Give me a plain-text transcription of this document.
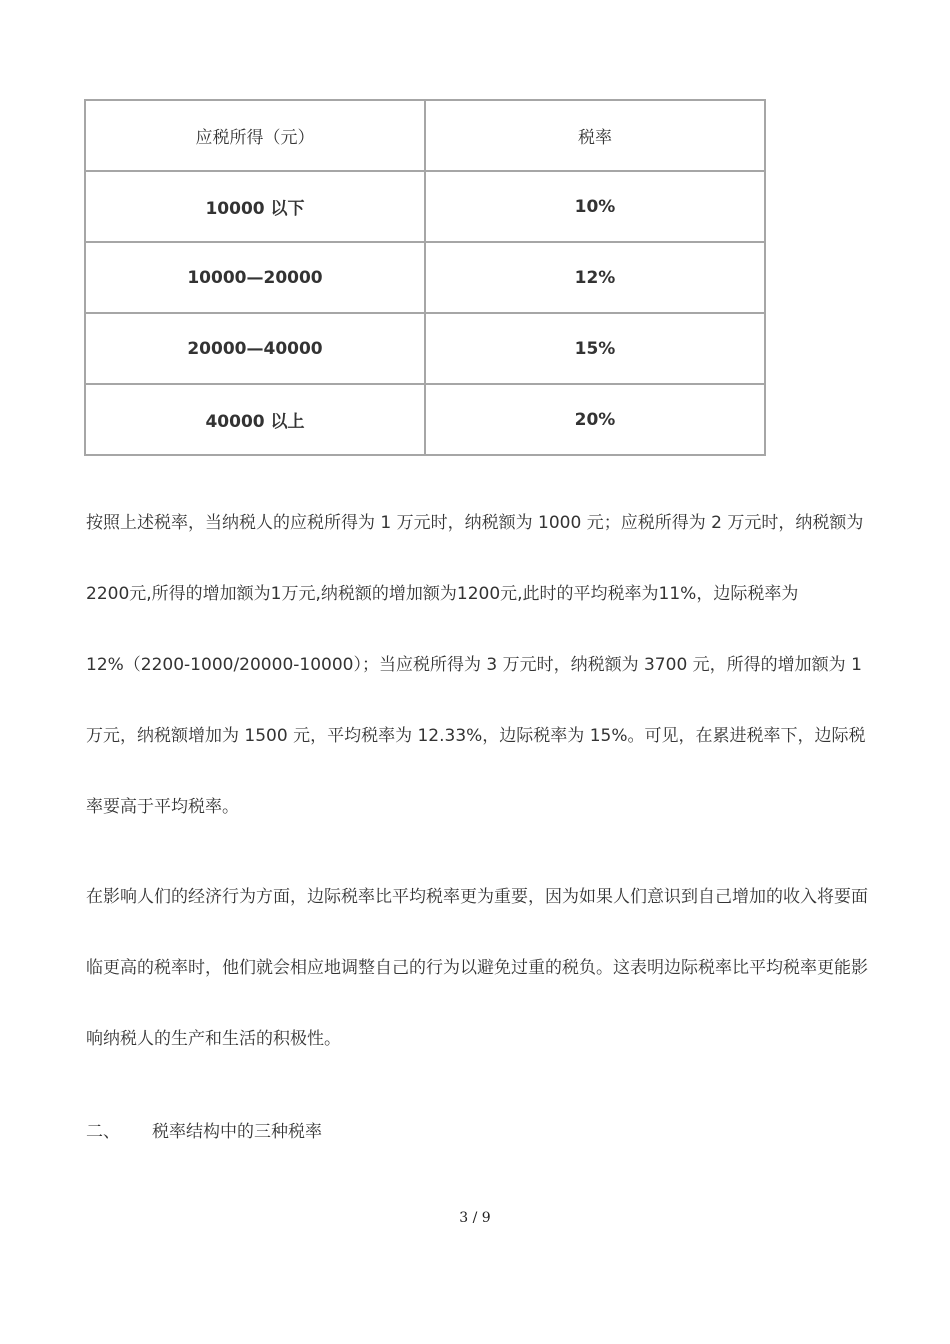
应税所得（元）	税率
10000 以下	10%
10000—20000	12%
20000—40000	15%
40000 以上	20%

按照上述税率，当纳税人的应税所得为 1 万元时，纳税额为 1000 元；应税所得为 2 万元时，纳税额为2200元,所得的增加额为1万元,纳税额的增加额为1200元,此时的平均税率为11%，边际税率为 12%（2200-1000/20000-10000）；当应税所得为 3 万元时，纳税额为 3700 元，所得的增加额为 1 万元，纳税额增加为 1500 元，平均税率为 12.33%，边际税率为 15%。可见，在累进税率下，边际税率要高于平均税率。

在影响人们的经济行为方面，边际税率比平均税率更为重要，因为如果人们意识到自己增加的收入将要面临更高的税率时，他们就会相应地调整自己的行为以避免过重的税负。这表明边际税率比平均税率更能影响纳税人的生产和生活的积极性。

二、 税率结构中的三种税率
3 / 9
